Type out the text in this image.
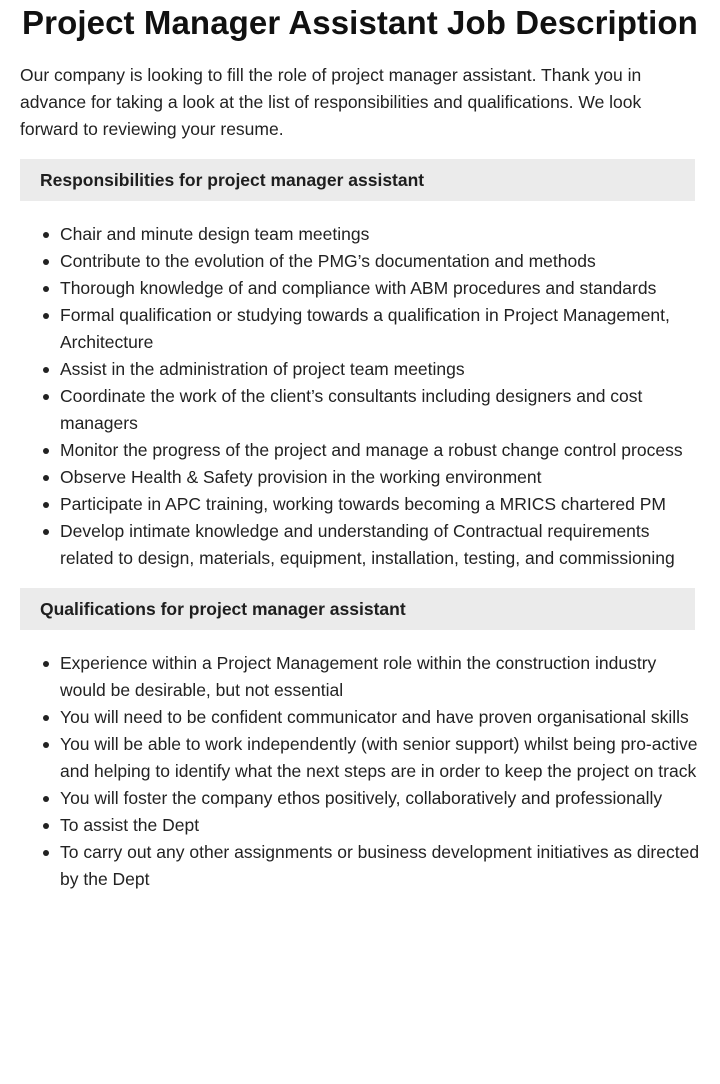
Project Manager Assistant Job Description

Our company is looking to fill the role of project manager assistant. Thank you in advance for taking a look at the list of responsibilities and qualifications. We look forward to reviewing your resume.

Responsibilities for project manager assistant
Chair and minute design team meetings
Contribute to the evolution of the PMG’s documentation and methods
Thorough knowledge of and compliance with ABM procedures and standards
Formal qualification or studying towards a qualification in Project Management, Architecture
Assist in the administration of project team meetings
Coordinate the work of the client’s consultants including designers and cost managers
Monitor the progress of the project and manage a robust change control process
Observe Health & Safety provision in the working environment
Participate in APC training, working towards becoming a MRICS chartered PM
Develop intimate knowledge and understanding of Contractual requirements related to design, materials, equipment, installation, testing, and commissioning
Qualifications for project manager assistant
Experience within a Project Management role within the construction industry would be desirable, but not essential
You will need to be confident communicator and have proven organisational skills
You will be able to work independently (with senior support) whilst being pro-active and helping to identify what the next steps are in order to keep the project on track
You will foster the company ethos positively, collaboratively and professionally
To assist the Dept
To carry out any other assignments or business development initiatives as directed by the Dept
